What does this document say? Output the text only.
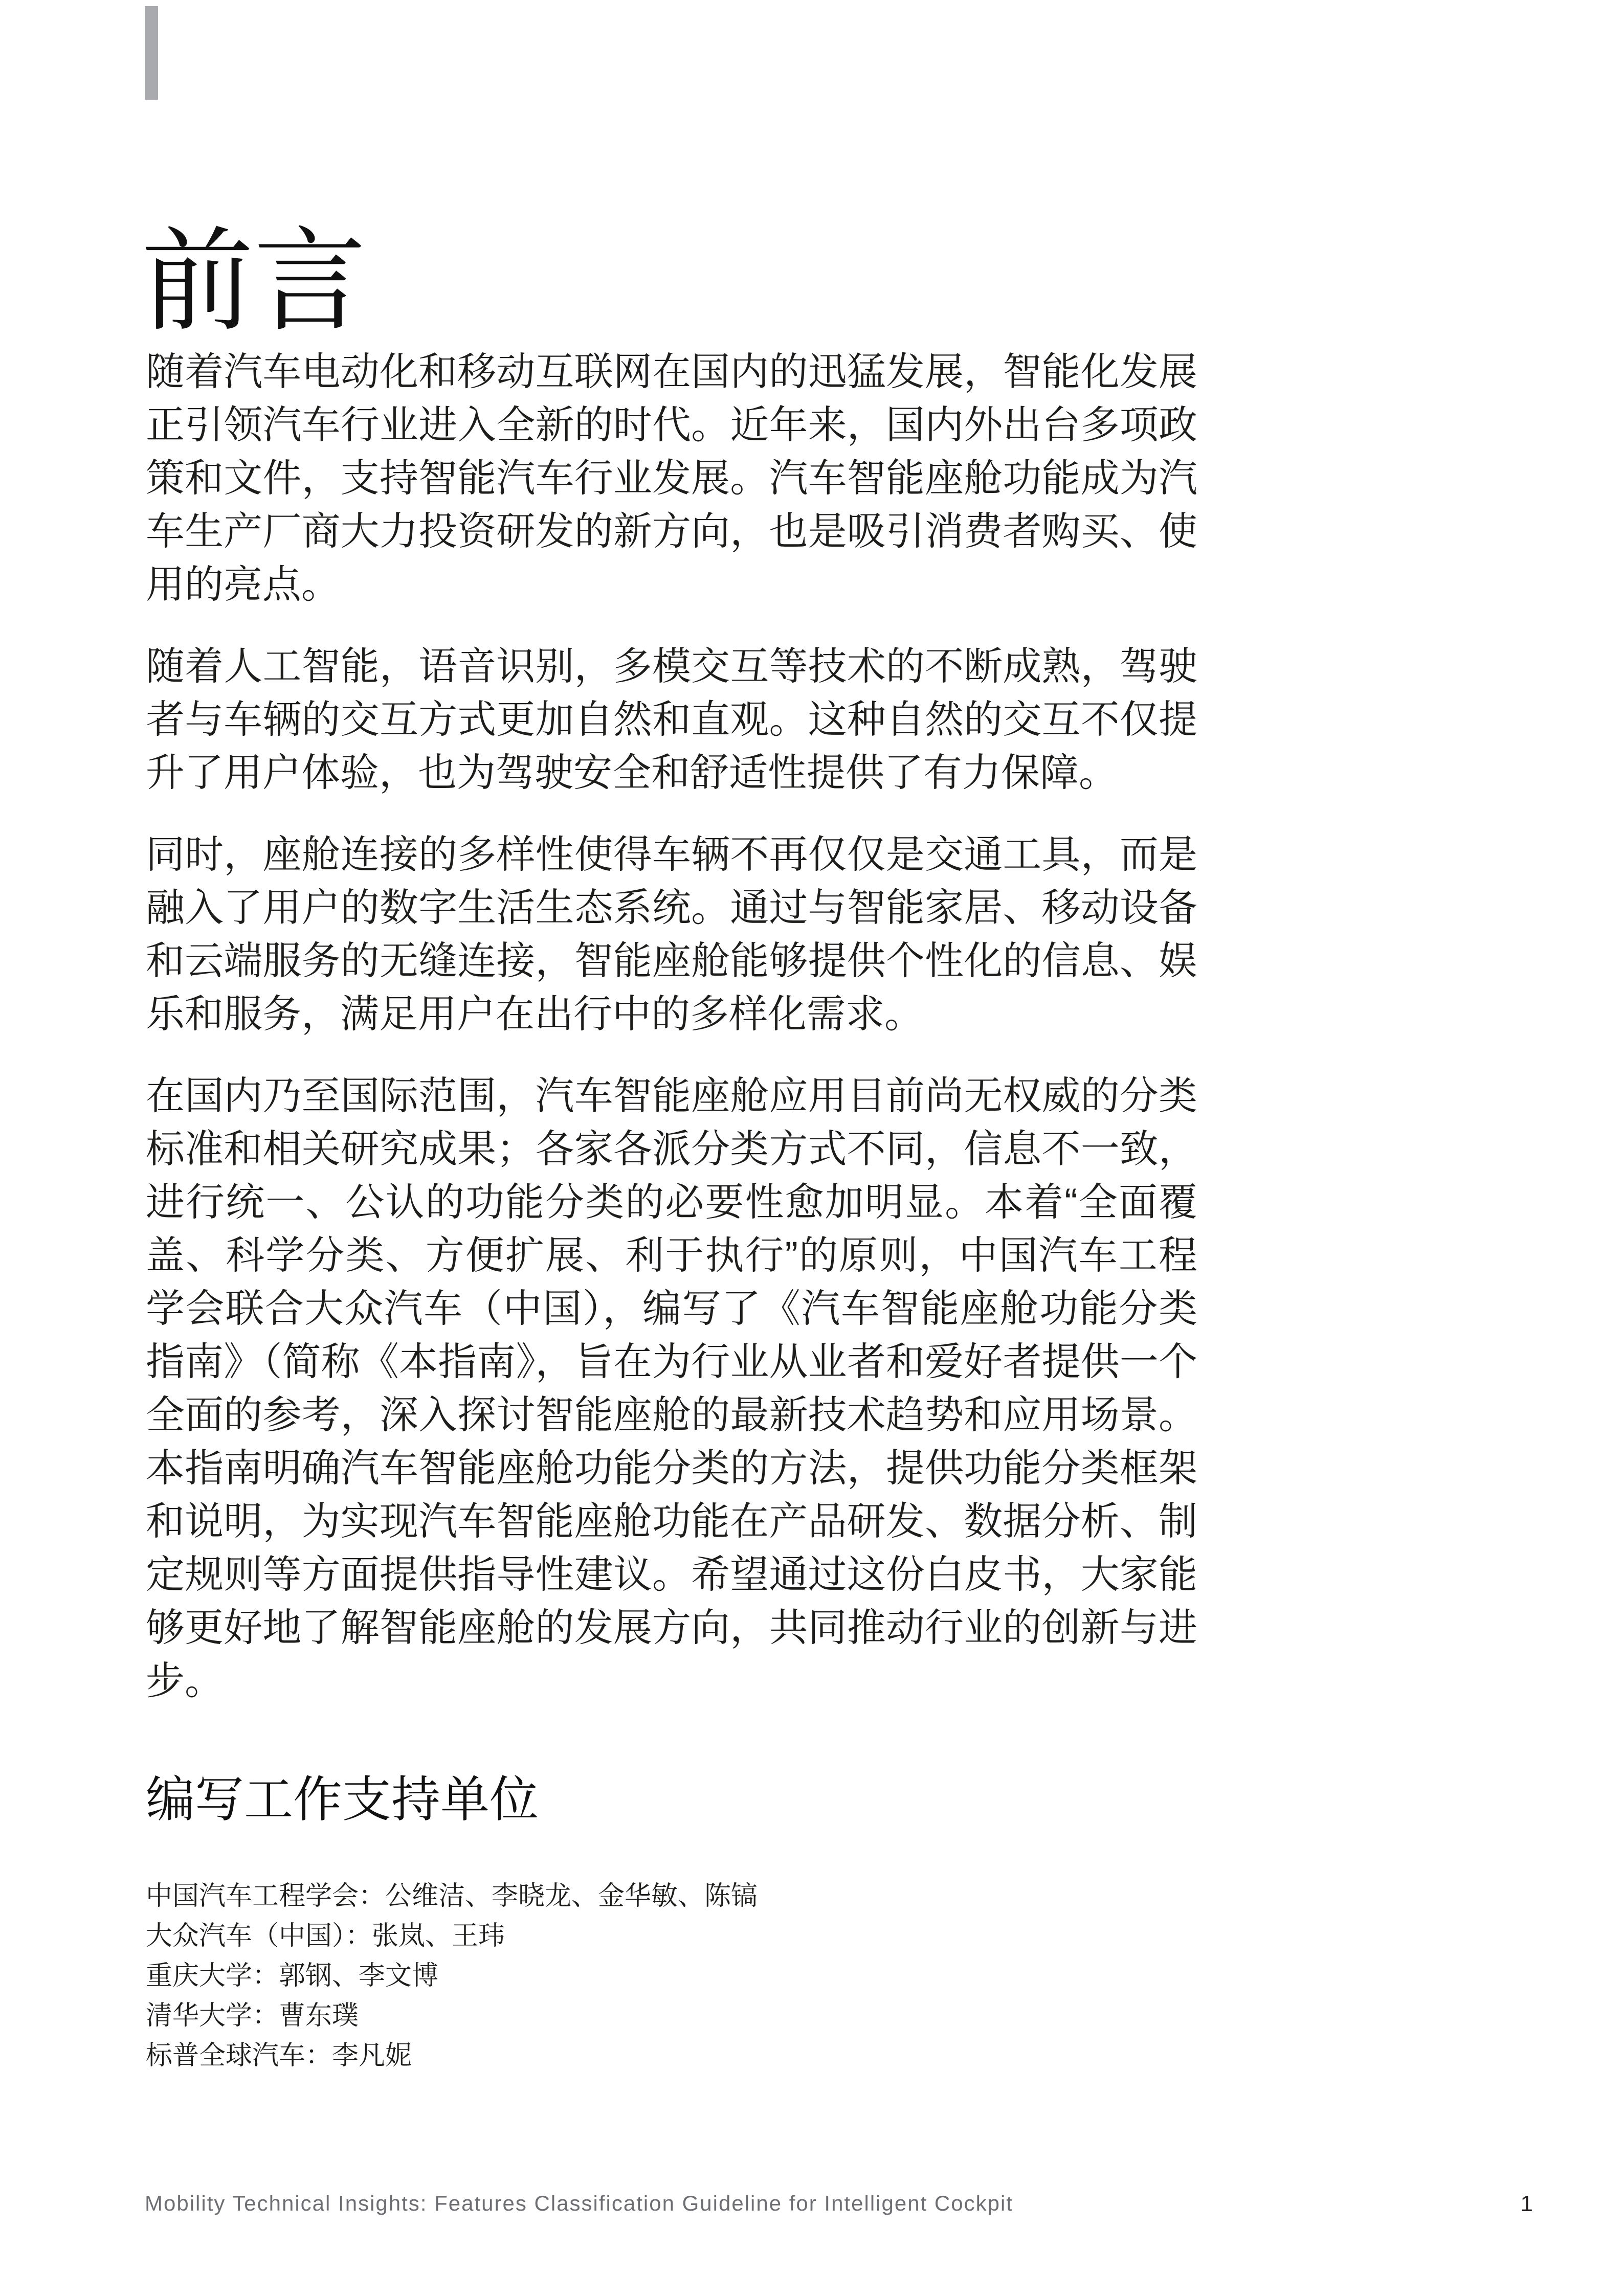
前言

随着汽车电动化和移动互联网在国内的迅猛发展，智能化发展正引领汽车行业进入全新的时代。近年来，国内外出台多项政策和文件，支持智能汽车行业发展。汽车智能座舱功能成为汽车生产厂商大力投资研发的新方向，也是吸引消费者购买、使用的亮点。

随着人工智能，语音识别，多模交互等技术的不断成熟，驾驶者与车辆的交互方式更加自然和直观。这种自然的交互不仅提升了用户体验，也为驾驶安全和舒适性提供了有力保障。

同时，座舱连接的多样性使得车辆不再仅仅是交通工具，而是融入了用户的数字生活生态系统。通过与智能家居、移动设备和云端服务的无缝连接，智能座舱能够提供个性化的信息、娱乐和服务，满足用户在出行中的多样化需求。

在国内乃至国际范围，汽车智能座舱应用目前尚无权威的分类标准和相关研究成果；各家各派分类方式不同，信息不一致，进行统一、公认的功能分类的必要性愈加明显。本着“全面覆盖、科学分类、方便扩展、利于执行”的原则，中国汽车工程学会联合大众汽车（中国），编写了《汽车智能座舱功能分类指南》（简称《本指南》，旨在为行业从业者和爱好者提供一个全面的参考，深入探讨智能座舱的最新技术趋势和应用场景。本指南明确汽车智能座舱功能分类的方法，提供功能分类框架和说明，为实现汽车智能座舱功能在产品研发、数据分析、制定规则等方面提供指导性建议。希望通过这份白皮书，大家能够更好地了解智能座舱的发展方向，共同推动行业的创新与进步。

编写工作支持单位
中国汽车工程学会：公维洁、李晓龙、金华敏、陈镐
大众汽车（中国）：张岚、王玮
重庆大学：郭钢、李文博
清华大学：曹东璞
标普全球汽车：李凡妮
Mobility Technical Insights: Features Classification Guideline for Intelligent Cockpit	1
